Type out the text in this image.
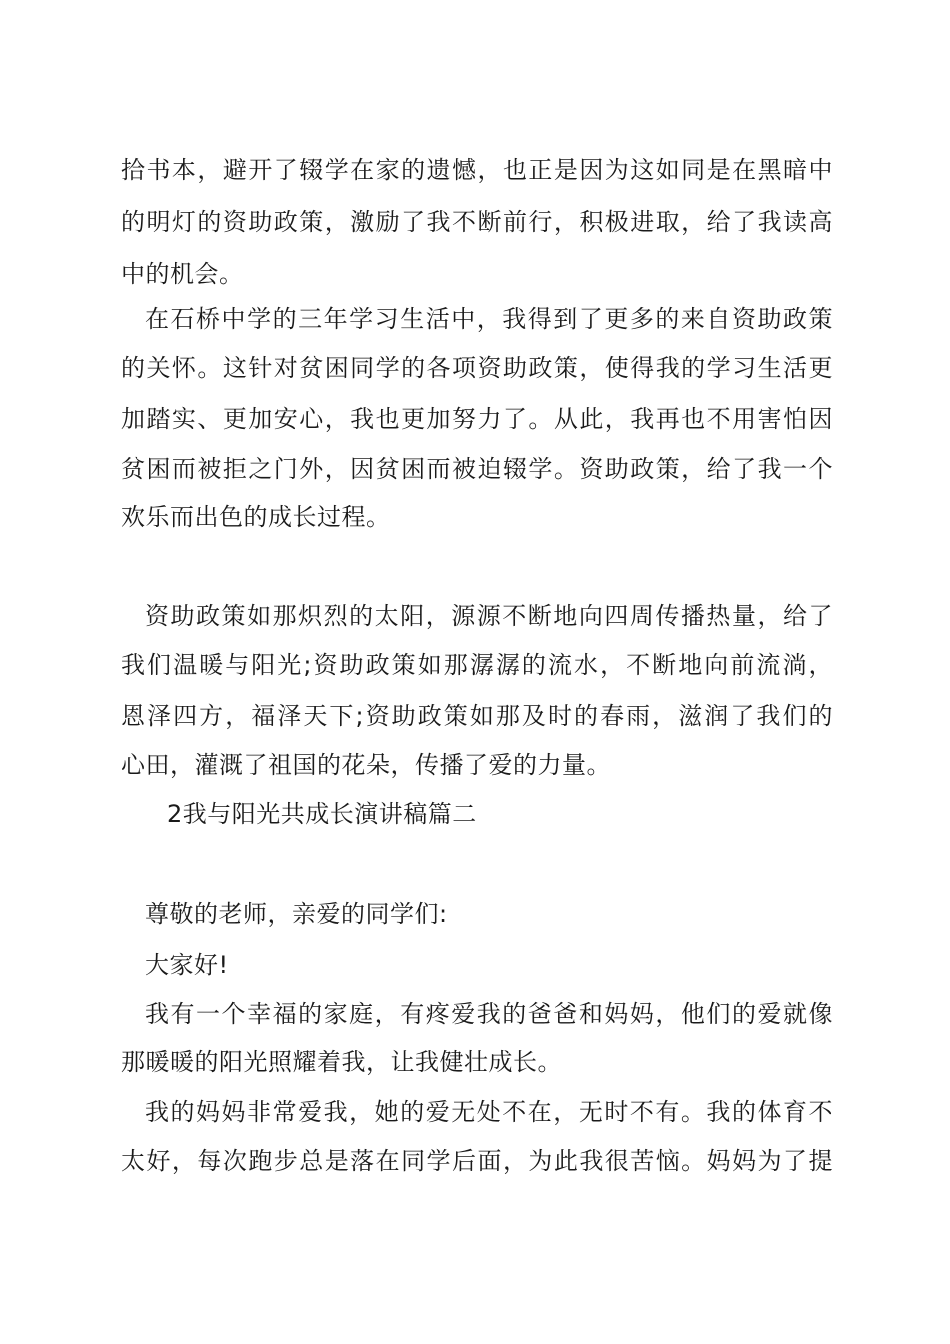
拾书本，避开了辍学在家的遗憾，也正是因为这如同是在黑暗中

的明灯的资助政策，激励了我不断前行，积极进取，给了我读高

中的机会。

在石桥中学的三年学习生活中，我得到了更多的来自资助政策

的关怀。这针对贫困同学的各项资助政策，使得我的学习生活更

加踏实、更加安心，我也更加努力了。从此，我再也不用害怕因

贫困而被拒之门外，因贫困而被迫辍学。资助政策，给了我一个

欢乐而出色的成长过程。

资助政策如那炽烈的太阳，源源不断地向四周传播热量，给了

我们温暖与阳光;资助政策如那潺潺的流水，不断地向前流淌，

恩泽四方，福泽天下;资助政策如那及时的春雨，滋润了我们的

心田，灌溉了祖国的花朵，传播了爱的力量。

2我与阳光共成长演讲稿篇二

尊敬的老师，亲爱的同学们:

大家好!

我有一个幸福的家庭，有疼爱我的爸爸和妈妈，他们的爱就像

那暖暖的阳光照耀着我，让我健壮成长。

我的妈妈非常爱我，她的爱无处不在，无时不有。我的体育不

太好，每次跑步总是落在同学后面，为此我很苦恼。妈妈为了提
